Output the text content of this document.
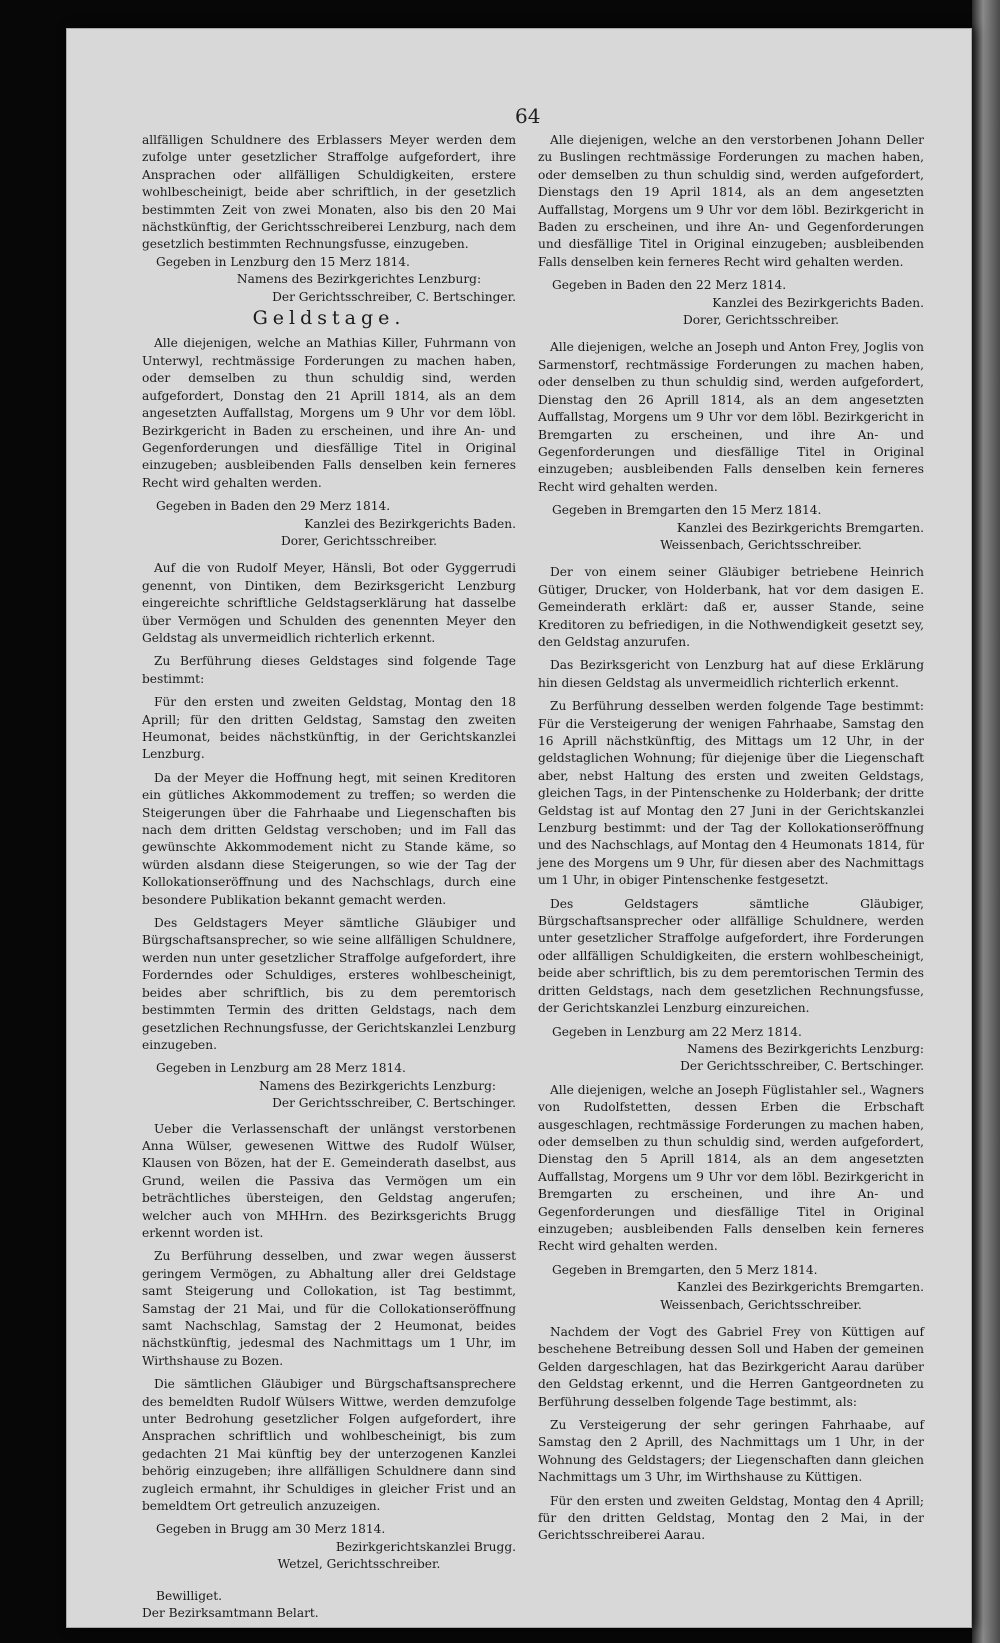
64

allfälligen Schuldnere des Erblassers Meyer werden dem zufolge unter gesetzlicher Straffolge aufgefordert, ihre Ansprachen oder allfälligen Schuldigkeiten, erstere wohlbescheinigt, beide aber schriftlich, in der gesetzlich bestimmten Zeit von zwei Monaten, also bis den 20 Mai nächstkünftig, der Gerichtsschreiberei Lenzburg, nach dem gesetzlich bestimmten Rechnungsfusse, einzugeben.

Gegeben in Lenzburg den 15 Merz 1814.

Namens des Bezirkgerichtes Lenzburg:

Der Gerichtsschreiber, C. Bertschinger.

Geldstage.

Alle diejenigen, welche an Mathias Killer, Fuhrmann von Unterwyl, rechtmässige Forderungen zu machen haben, oder demselben zu thun schuldig sind, werden aufgefordert, Donstag den 21 Aprill 1814, als an dem angesetzten Auffallstag, Morgens um 9 Uhr vor dem löbl. Bezirkgericht in Baden zu erscheinen, und ihre An- und Gegenforderungen und diesfällige Titel in Original einzugeben; ausbleibenden Falls denselben kein ferneres Recht wird gehalten werden.

Gegeben in Baden den 29 Merz 1814.

Kanzlei des Bezirkgerichts Baden.

Dorer, Gerichtsschreiber.

Auf die von Rudolf Meyer, Hänsli, Bot oder Gyggerrudi genennt, von Dintiken, dem Bezirksgericht Lenzburg eingereichte schriftliche Geldstagserklärung hat dasselbe über Vermögen und Schulden des genennten Meyer den Geldstag als unvermeidlich richterlich erkennt.

Zu Berführung dieses Geldstages sind folgende Tage bestimmt:

Für den ersten und zweiten Geldstag, Montag den 18 Aprill; für den dritten Geldstag, Samstag den zweiten Heumonat, beides nächstkünftig, in der Gerichtskanzlei Lenzburg.

Da der Meyer die Hoffnung hegt, mit seinen Kreditoren ein gütliches Akkommodement zu treffen; so werden die Steigerungen über die Fahrhaabe und Liegenschaften bis nach dem dritten Geldstag verschoben; und im Fall das gewünschte Akkommodement nicht zu Stande käme, so würden alsdann diese Steigerungen, so wie der Tag der Kollokationseröffnung und des Nachschlags, durch eine besondere Publikation bekannt gemacht werden.

Des Geldstagers Meyer sämtliche Gläubiger und Bürgschaftsansprecher, so wie seine allfälligen Schuldnere, werden nun unter gesetzlicher Straffolge aufgefordert, ihre Forderndes oder Schuldiges, ersteres wohlbescheinigt, beides aber schriftlich, bis zu dem peremtorisch bestimmten Termin des dritten Geldstags, nach dem gesetzlichen Rechnungsfusse, der Gerichtskanzlei Lenzburg einzugeben.

Gegeben in Lenzburg am 28 Merz 1814.

Namens des Bezirkgerichts Lenzburg:

Der Gerichtsschreiber, C. Bertschinger.

Ueber die Verlassenschaft der unlängst verstorbenen Anna Wülser, gewesenen Wittwe des Rudolf Wülser, Klausen von Bözen, hat der E. Gemeinderath daselbst, aus Grund, weilen die Passiva das Vermögen um ein beträchtliches übersteigen, den Geldstag angerufen; welcher auch von MHHrn. des Bezirksgerichts Brugg erkennt worden ist.

Zu Berführung desselben, und zwar wegen äusserst geringem Vermögen, zu Abhaltung aller drei Geldstage samt Steigerung und Collokation, ist Tag bestimmt, Samstag der 21 Mai, und für die Collokationseröffnung samt Nachschlag, Samstag der 2 Heumonat, beides nächstkünftig, jedesmal des Nachmittags um 1 Uhr, im Wirthshause zu Bozen.

Die sämtlichen Gläubiger und Bürgschaftsansprechere des bemeldten Rudolf Wülsers Wittwe, werden demzufolge unter Bedrohung gesetzlicher Folgen aufgefordert, ihre Ansprachen schriftlich und wohlbescheinigt, bis zum gedachten 21 Mai künftig bey der unterzogenen Kanzlei behörig einzugeben; ihre allfälligen Schuldnere dann sind zugleich ermahnt, ihr Schuldiges in gleicher Frist und an bemeldtem Ort getreulich anzuzeigen.

Gegeben in Brugg am 30 Merz 1814.

Bezirkgerichtskanzlei Brugg.

Wetzel, Gerichtsschreiber.

Bewilliget.

Der Bezirksamtmann Belart.

Alle diejenigen, welche an den verstorbenen Johann Deller zu Buslingen rechtmässige Forderungen zu machen haben, oder demselben zu thun schuldig sind, werden aufgefordert, Dienstags den 19 April 1814, als an dem angesetzten Auffallstag, Morgens um 9 Uhr vor dem löbl. Bezirkgericht in Baden zu erscheinen, und ihre An- und Gegenforderungen und diesfällige Titel in Original einzugeben; ausbleibenden Falls denselben kein ferneres Recht wird gehalten werden.

Gegeben in Baden den 22 Merz 1814.

Kanzlei des Bezirkgerichts Baden.

Dorer, Gerichtsschreiber.

Alle diejenigen, welche an Joseph und Anton Frey, Joglis von Sarmenstorf, rechtmässige Forderungen zu machen haben, oder denselben zu thun schuldig sind, werden aufgefordert, Dienstag den 26 Aprill 1814, als an dem angesetzten Auffallstag, Morgens um 9 Uhr vor dem löbl. Bezirkgericht in Bremgarten zu erscheinen, und ihre An- und Gegenforderungen und diesfällige Titel in Original einzugeben; ausbleibenden Falls denselben kein ferneres Recht wird gehalten werden.

Gegeben in Bremgarten den 15 Merz 1814.

Kanzlei des Bezirkgerichts Bremgarten.

Weissenbach, Gerichtsschreiber.

Der von einem seiner Gläubiger betriebene Heinrich Gütiger, Drucker, von Holderbank, hat vor dem dasigen E. Gemeinderath erklärt: daß er, ausser Stande, seine Kreditoren zu befriedigen, in die Nothwendigkeit gesetzt sey, den Geldstag anzurufen.

Das Bezirksgericht von Lenzburg hat auf diese Erklärung hin diesen Geldstag als unvermeidlich richterlich erkennt.

Zu Berführung desselben werden folgende Tage bestimmt: Für die Versteigerung der wenigen Fahrhaabe, Samstag den 16 Aprill nächstkünftig, des Mittags um 12 Uhr, in der geldstaglichen Wohnung; für diejenige über die Liegenschaft aber, nebst Haltung des ersten und zweiten Geldstags, gleichen Tags, in der Pintenschenke zu Holderbank; der dritte Geldstag ist auf Montag den 27 Juni in der Gerichtskanzlei Lenzburg bestimmt: und der Tag der Kollokationseröffnung und des Nachschlags, auf Montag den 4 Heumonats 1814, für jene des Morgens um 9 Uhr, für diesen aber des Nachmittags um 1 Uhr, in obiger Pintenschenke festgesetzt.

Des Geldstagers sämtliche Gläubiger, Bürgschaftsansprecher oder allfällige Schuldnere, werden unter gesetzlicher Straffolge aufgefordert, ihre Forderungen oder allfälligen Schuldigkeiten, die erstern wohlbescheinigt, beide aber schriftlich, bis zu dem peremtorischen Termin des dritten Geldstags, nach dem gesetzlichen Rechnungsfusse, der Gerichtskanzlei Lenzburg einzureichen.

Gegeben in Lenzburg am 22 Merz 1814.

Namens des Bezirkgerichts Lenzburg:

Der Gerichtsschreiber, C. Bertschinger.

Alle diejenigen, welche an Joseph Füglistahler sel., Wagners von Rudolfstetten, dessen Erben die Erbschaft ausgeschlagen, rechtmässige Forderungen zu machen haben, oder demselben zu thun schuldig sind, werden aufgefordert, Dienstag den 5 Aprill 1814, als an dem angesetzten Auffallstag, Morgens um 9 Uhr vor dem löbl. Bezirkgericht in Bremgarten zu erscheinen, und ihre An- und Gegenforderungen und diesfällige Titel in Original einzugeben; ausbleibenden Falls denselben kein ferneres Recht wird gehalten werden.

Gegeben in Bremgarten, den 5 Merz 1814.

Kanzlei des Bezirkgerichts Bremgarten.

Weissenbach, Gerichtsschreiber.

Nachdem der Vogt des Gabriel Frey von Küttigen auf beschehene Betreibung dessen Soll und Haben der gemeinen Gelden dargeschlagen, hat das Bezirkgericht Aarau darüber den Geldstag erkennt, und die Herren Gantgeordneten zu Berführung desselben folgende Tage bestimmt, als:

Zu Versteigerung der sehr geringen Fahrhaabe, auf Samstag den 2 Aprill, des Nachmittags um 1 Uhr, in der Wohnung des Geldstagers; der Liegenschaften dann gleichen Nachmittags um 3 Uhr, im Wirthshause zu Küttigen.

Für den ersten und zweiten Geldstag, Montag den 4 Aprill; für den dritten Geldstag, Montag den 2 Mai, in der Gerichtsschreiberei Aarau.
